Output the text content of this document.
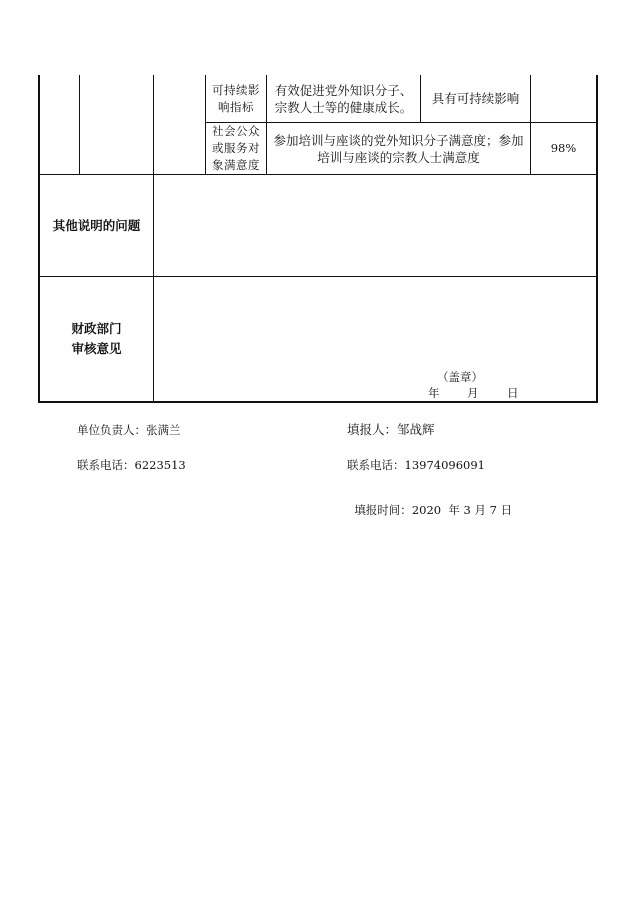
可持续影响指标
有效促进党外知识分子、宗教人士等的健康成长。
具有可持续影响
社会公众或服务对象满意度
参加培训与座谈的党外知识分子满意度；参加培训与座谈的宗教人士满意度
98%
其他说明的问题
财政部门
审核意见
（盖章）
年 月 日
单位负责人：张满兰	填报人：邹战辉
联系电话：6223513	联系电话：13974096091

填报时间：2020  年 3 月 7 日
